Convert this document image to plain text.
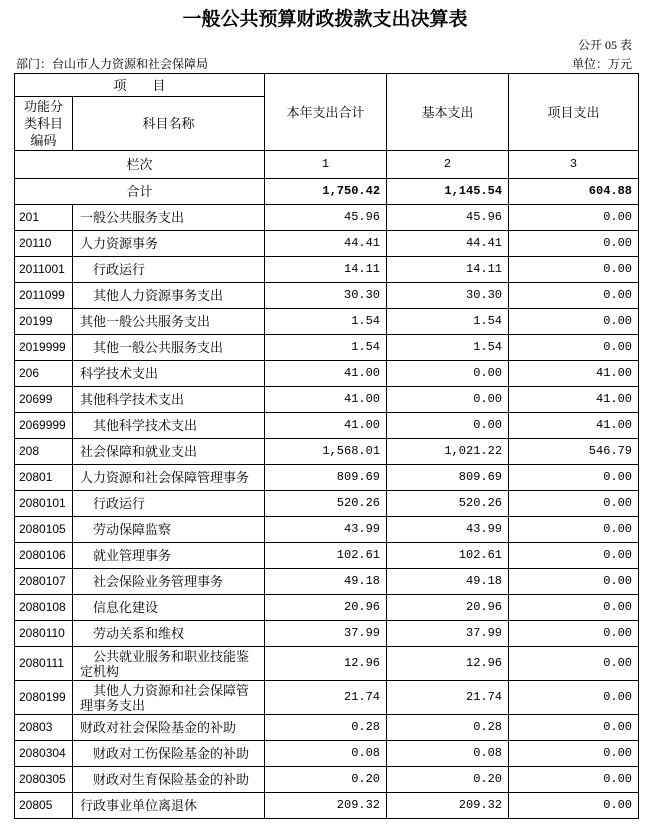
一般公共预算财政拨款支出决算表
公开 05 表
部门：台山市人力资源和社会保障局	单位：万元
项　　目		本年支出合计	基本支出	项目支出
功能分类科目编码	科目名称			
栏次		1	2	3
合计		1,750.42	1,145.54	604.88
201	一般公共服务支出	45.96	45.96	0.00
20110	人力资源事务	44.41	44.41	0.00
2011001	行政运行	14.11	14.11	0.00
2011099	其他人力资源事务支出	30.30	30.30	0.00
20199	其他一般公共服务支出	1.54	1.54	0.00
2019999	其他一般公共服务支出	1.54	1.54	0.00
206	科学技术支出	41.00	0.00	41.00
20699	其他科学技术支出	41.00	0.00	41.00
2069999	其他科学技术支出	41.00	0.00	41.00
208	社会保障和就业支出	1,568.01	1,021.22	546.79
20801	人力资源和社会保障管理事务	809.69	809.69	0.00
2080101	行政运行	520.26	520.26	0.00
2080105	劳动保障监察	43.99	43.99	0.00
2080106	就业管理事务	102.61	102.61	0.00
2080107	社会保险业务管理事务	49.18	49.18	0.00
2080108	信息化建设	20.96	20.96	0.00
2080110	劳动关系和维权	37.99	37.99	0.00
2080111	公共就业服务和职业技能鉴定机构	12.96	12.96	0.00
2080199	其他人力资源和社会保障管理事务支出	21.74	21.74	0.00
20803	财政对社会保险基金的补助	0.28	0.28	0.00
2080304	财政对工伤保险基金的补助	0.08	0.08	0.00
2080305	财政对生育保险基金的补助	0.20	0.20	0.00
20805	行政事业单位离退休	209.32	209.32	0.00
